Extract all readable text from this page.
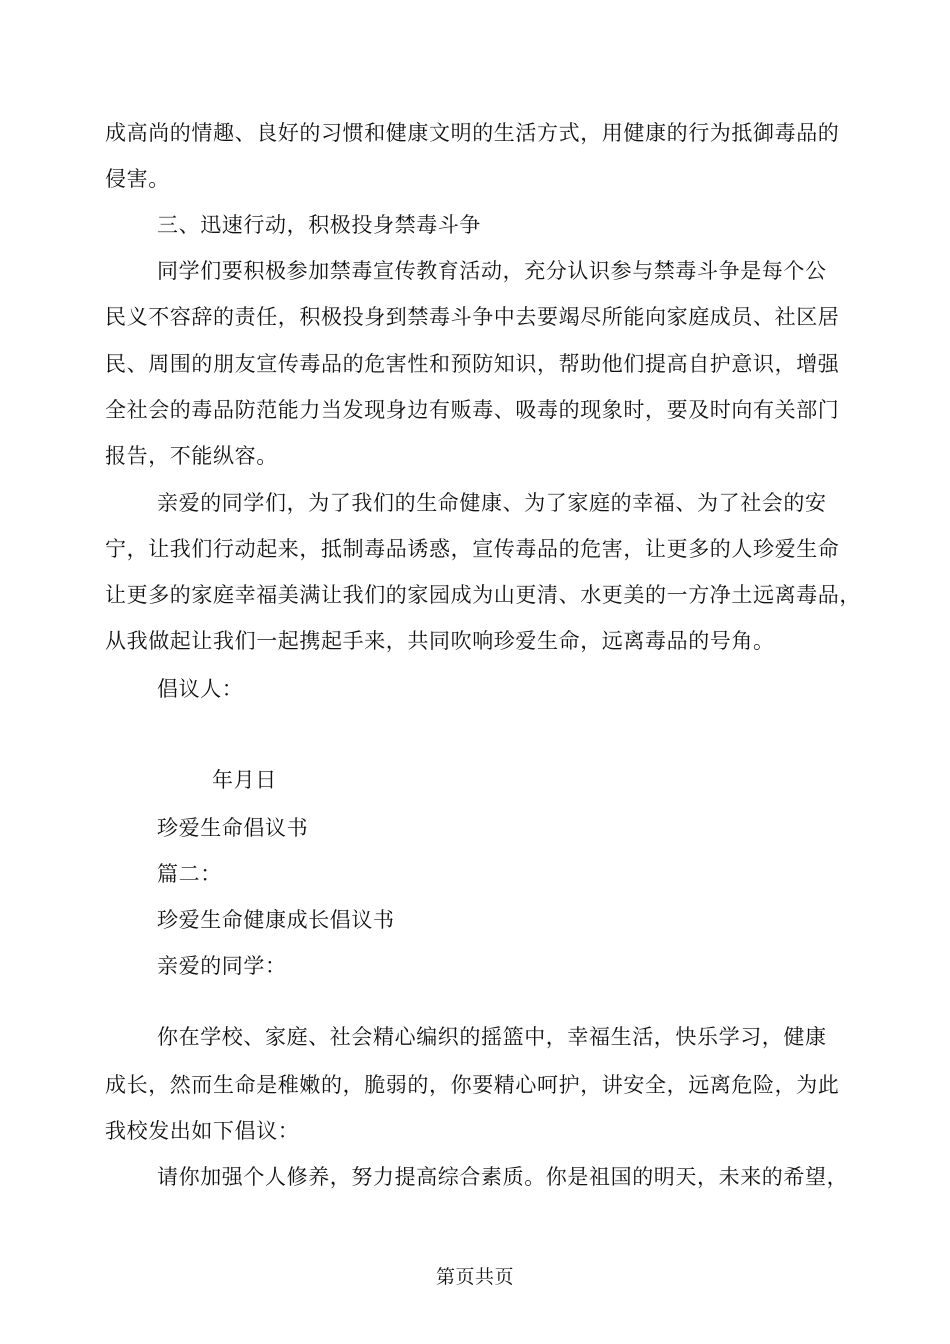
成高尚的情趣、良好的习惯和健康文明的生活方式，用健康的行为抵御毒品的
侵害。
三、迅速行动，积极投身禁毒斗争
同学们要积极参加禁毒宣传教育活动，充分认识参与禁毒斗争是每个公
民义不容辞的责任，积极投身到禁毒斗争中去要竭尽所能向家庭成员、社区居
民、周围的朋友宣传毒品的危害性和预防知识，帮助他们提高自护意识，增强
全社会的毒品防范能力当发现身边有贩毒、吸毒的现象时，要及时向有关部门
报告，不能纵容。
亲爱的同学们，为了我们的生命健康、为了家庭的幸福、为了社会的安
宁，让我们行动起来，抵制毒品诱惑，宣传毒品的危害，让更多的人珍爱生命
让更多的家庭幸福美满让我们的家园成为山更清、水更美的一方净土远离毒品，
从我做起让我们一起携起手来，共同吹响珍爱生命，远离毒品的号角。
倡议人：
年月日
珍爱生命倡议书
篇二：
珍爱生命健康成长倡议书
亲爱的同学：
你在学校、家庭、社会精心编织的摇篮中，幸福生活，快乐学习，健康
成长，然而生命是稚嫩的，脆弱的，你要精心呵护，讲安全，远离危险，为此
我校发出如下倡议：
请你加强个人修养，努力提高综合素质。你是祖国的明天，未来的希望，
第页共页
